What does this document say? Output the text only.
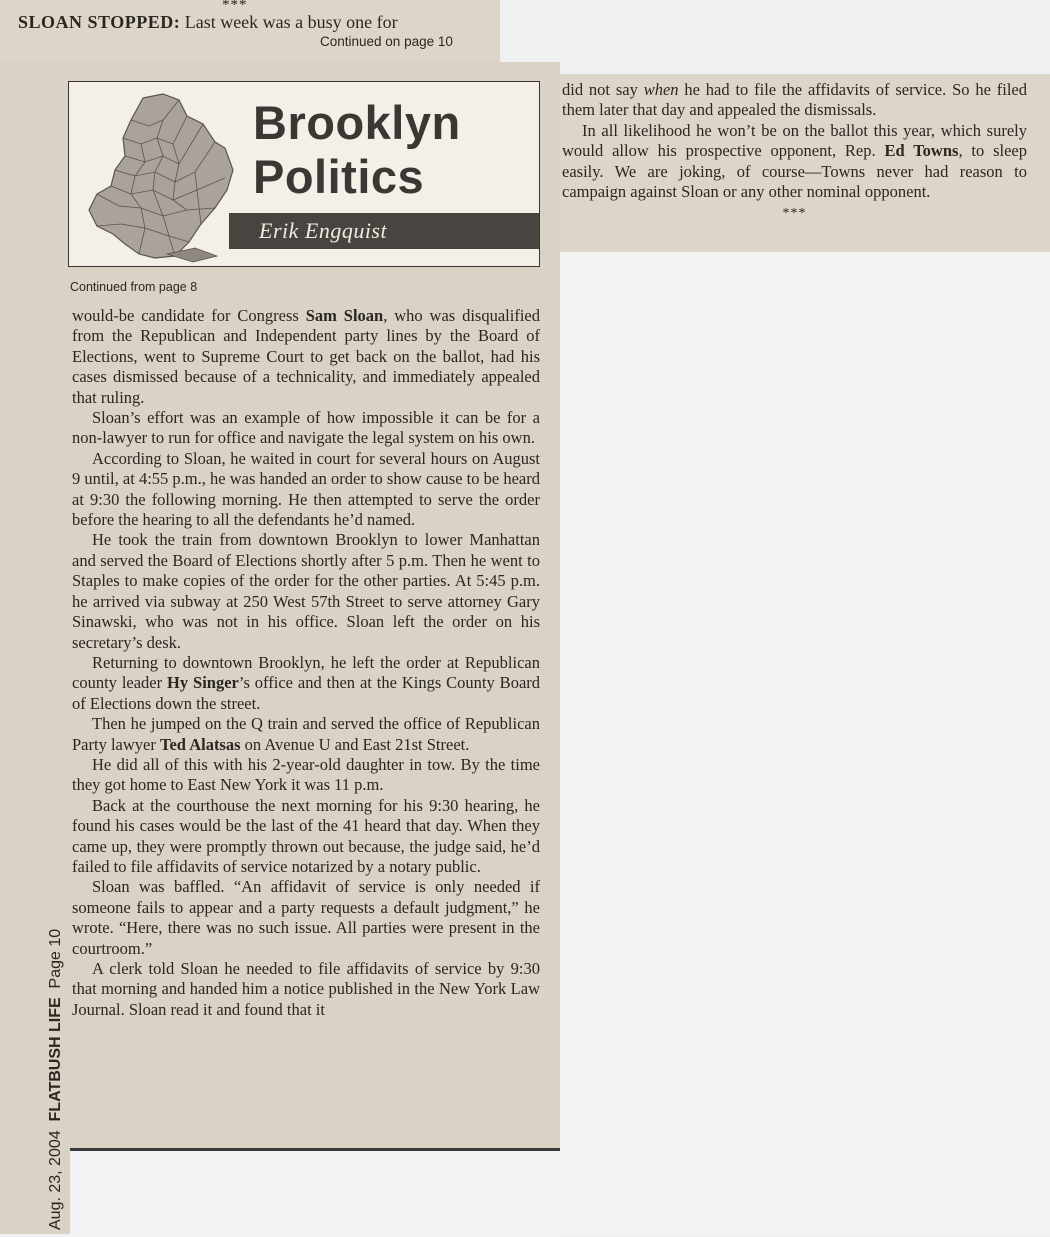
***
SLOAN STOPPED: Last week was a busy one for
Continued on page 10
Brooklyn
Politics
Erik Engquist
Continued from page 8

would-be candidate for Congress Sam Sloan, who was disqualified from the Republican and Independent party lines by the Board of Elections, went to Supreme Court to get back on the ballot, had his cases dismissed because of a technicality, and immediately appealed that ruling.

Sloan’s effort was an example of how impossible it can be for a non-lawyer to run for office and navigate the legal system on his own.

According to Sloan, he waited in court for several hours on August 9 until, at 4:55 p.m., he was handed an order to show cause to be heard at 9:30 the following morning. He then attempted to serve the order before the hearing to all the defendants he’d named.

He took the train from downtown Brooklyn to lower Manhattan and served the Board of Elections shortly after 5 p.m. Then he went to Staples to make copies of the order for the other parties. At 5:45 p.m. he arrived via subway at 250 West 57th Street to serve attorney Gary Sinawski, who was not in his office. Sloan left the order on his secretary’s desk.

Returning to downtown Brooklyn, he left the order at Republican county leader Hy Singer’s office and then at the Kings County Board of Elections down the street.

Then he jumped on the Q train and served the office of Republican Party lawyer Ted Alatsas on Avenue U and East 21st Street.

He did all of this with his 2-year-old daughter in tow. By the time they got home to East New York it was 11 p.m.

Back at the courthouse the next morning for his 9:30 hearing, he found his cases would be the last of the 41 heard that day. When they came up, they were promptly thrown out because, the judge said, he’d failed to file affidavits of service notarized by a notary public.

Sloan was baffled. “An affidavit of service is only needed if someone fails to appear and a party requests a default judgment,” he wrote. “Here, there was no such issue. All parties were present in the courtroom.”

A clerk told Sloan he needed to file affidavits of service by 9:30 that morning and handed him a notice published in the New York Law Journal. Sloan read it and found that it

did not say when he had to file the affidavits of service. So he filed them later that day and appealed the dismissals.

In all likelihood he won’t be on the ballot this year, which surely would allow his prospective opponent, Rep. Ed Towns, to sleep easily. We are joking, of course—Towns never had reason to campaign against Sloan or any other nominal opponent.

***
Aug. 23, 2004  FLATBUSH LIFE  Page 10
